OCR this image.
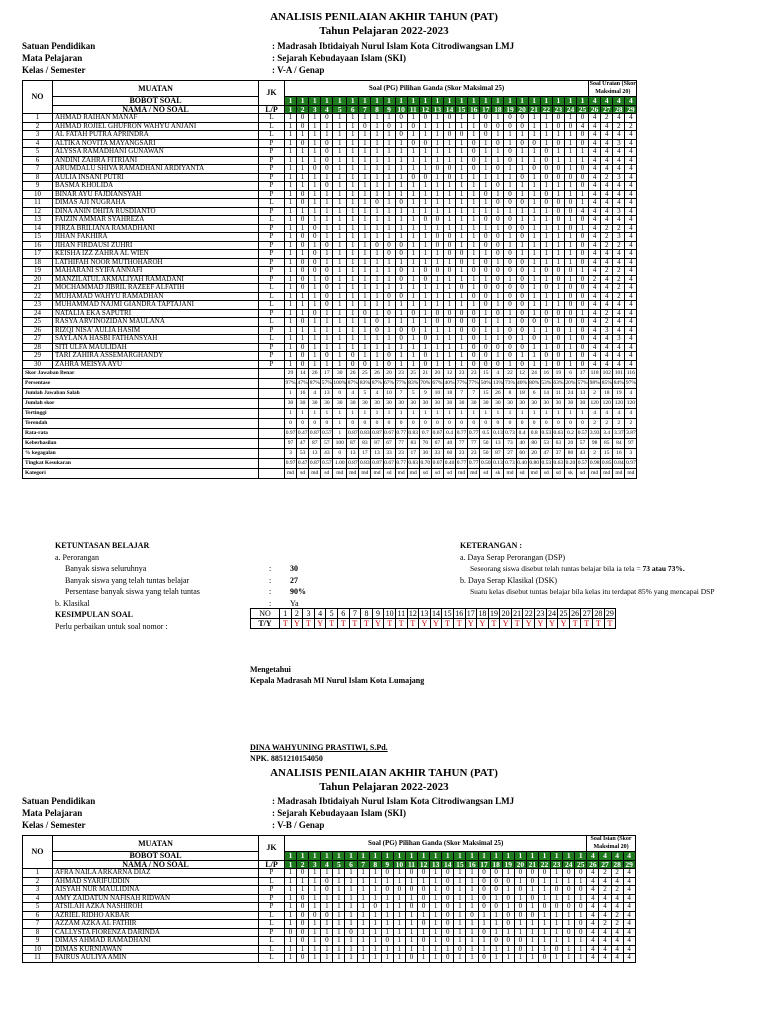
ANALISIS PENILAIAN AKHIR TAHUN (PAT)
Tahun Pelajaran 2022-2023
Satuan Pendidikan	: Madrasah Ibtidaiyah Nurul Islam Kota Citrodiwangsan LMJ
Mata Pelajaran	: Sejarah Kebudayaan Islam (SKI)
Kelas / Semester	: V-A / Genap
NO	MUATAN	JK	Soal (PG) Pilihan Ganda (Skor Maksimal 25)																									Soal Uraian (Skor Maksimal 20)			
	BOBOT SOAL		1	1	1	1	1	1	1	1	1	1	1	1	1	1	1	1	1	1	1	1	1	1	1	1	1	4	4	4	4
	NAMA / NO SOAL	L/P	1	2	3	4	5	6	7	8	9	10	11	12	13	14	15	16	17	18	19	20	21	22	23	24	25	26	27	28	29
1	AHMAD RAIHAN MANAF	L	1	0	1	0	1	1	1	1	1	0	1	0	1	0	1	1	0	1	0	0	1	1	0	1	0	4	2	4	4
2	AHMAD ROJIEL GHUFRON WAHYU ANJANI	L	1	0	1	1	1	1	0	1	0	1	0	1	1	1	1	1	0	0	0	0	1	1	0	0	4	4	4	2	2
3	AL FATAH PUTRA APRINDRA	L	1	1	1	1	1	1	1	1	1	0	1	1	1	0	0	1	0	1	1	1	1	1	1	1	0	4	4	4	4
4	ALTIKA NOVITA MAYANGSARI	P	1	0	1	0	1	1	1	1	1	1	0	0	1	1	1	0	1	0	1	0	0	1	0	1	0	4	4	3	4
5	ALYSSA RAMADHANI GUNAWAN	P	1	1	1	0	1	1	1	1	1	1	1	1	1	1	1	0	1	1	0	1	1	0	1	1	1	4	4	4	4
6	ANDINI ZAHRA FITRIANI	P	1	1	1	0	1	1	1	1	1	1	1	1	1	1	1	0	1	1	0	1	1	0	1	1	1	4	4	4	4
7	ARUMDALU SHIVA RAMADHANI ARDIYANTA	P	1	1	0	0	1	1	1	1	1	1	1	1	0	0	1	0	1	0	1	1	0	0	0	1	0	4	4	4	4
8	AULIA INSANI PUTRI	P	1	1	1	1	1	1	1	1	1	1	0	0	1	0	1	1	1	1	1	0	1	0	0	0	0	4	2	3	4
9	BASMA KHOLIDA	P	1	1	1	0	1	1	1	1	1	1	1	1	1	1	1	1	1	0	1	1	1	1	1	1	0	4	4	4	4
10	BINAR AYU FAJDIANSYAH	P	1	0	1	1	1	1	1	1	1	1	1	1	1	1	1	1	0	1	0	1	1	0	1	1	1	4	4	4	4
11	DIMAS AJI NUGRAHA	L	1	0	1	1	1	1	1	0	1	0	1	1	1	1	1	1	1	0	0	0	1	0	0	0	1	4	4	4	4
12	DINA ANIN DHITA RUSDIANTO	P	1	1	1	1	1	1	1	1	1	1	1	1	1	1	1	1	1	1	1	1	1	1	0	0	4	4	4	3	4
13	FAIZIN AMMAR SYAHREZA	L	1	0	1	1	1	1	1	1	1	1	1	0	0	1	1	1	0	0	0	1	1	1	0	1	0	4	4	4	4
14	FIRZA BRILIANA RAMADHANI	P	1	1	0	1	1	1	1	1	1	1	1	1	1	1	1	1	1	1	0	0	1	1	1	0	1	4	2	2	4
15	JIHAN FAKHIRA	P	1	0	0	1	1	1	1	1	1	1	1	1	0	0	1	1	0	0	1	0	1	1	1	1	0	4	2	3	4
16	JIHAN FIRDAUSI ZUHRI	P	1	0	1	0	1	1	1	0	0	0	1	1	0	0	1	1	0	0	1	1	1	1	1	1	0	4	2	2	4
17	KEISHA IZZ ZAHRA AL WIEN	P	1	1	0	1	1	1	1	1	0	0	1	1	1	0	0	1	1	0	0	1	1	1	1	1	0	4	4	4	4
18	LATHIFAH NOOR MUTHOHAROH	P	1	0	0	1	1	1	1	1	1	1	1	1	1	1	0	1	0	1	0	0	1	1	1	1	0	4	4	4	4
19	MAHARANI SYIFA ANNAFI	P	1	0	0	0	1	1	1	1	1	0	1	0	0	0	1	0	0	0	0	0	1	0	0	0	1	4	2	2	4
20	MANZILATUL AKMALIYAH RAMADANI	P	1	0	1	0	1	1	1	1	1	0	1	0	1	1	1	1	1	0	1	0	1	1	0	1	0	2	4	2	4
21	MOCHAMMAD JIBRIL RAZEEF ALFATIH	L	1	0	1	0	1	1	1	1	1	1	1	1	1	1	0	1	0	0	0	0	1	0	1	0	0	4	4	2	4
22	MUHAMAD WAHYU RAMADHAN	L	1	1	1	0	1	1	1	1	0	0	1	1	1	1	1	0	0	1	0	0	1	1	1	0	0	4	4	2	4
23	MUHAMMAD NAJMI GIANDRA TAPTAJANI	L	1	1	1	0	1	1	1	1	1	1	1	1	1	1	1	1	0	1	0	0	1	1	1	0	0	4	4	4	4
24	NATALIA EKA SAPUTRI	P	1	1	0	1	1	1	0	1	0	1	0	1	0	0	0	0	1	0	1	0	1	0	0	0	1	4	2	4	4
25	RASYA ARVINOZIDAN MAULANA	L	1	0	1	1	1	1	1	0	1	1	1	1	0	0	0	0	1	1	1	0	0	0	1	0	0	4	2	4	4
26	RIZQI NISA' AULIA HASIM	P	1	1	1	1	1	1	1	0	1	0	0	1	1	1	0	0	1	1	0	0	1	1	0	1	0	4	3	4	4
27	SAYLANA HASBI FATHANSYAH	L	1	1	1	1	1	1	1	1	1	0	1	0	1	1	1	0	1	1	0	1	0	1	0	1	0	4	4	3	4
28	SITI ULFA MAULIDAH	P	1	0	1	1	1	1	1	1	1	1	1	1	1	1	1	0	0	0	0	0	1	1	0	1	0	4	4	4	4
29	TARI ZAHIRA ASSEMARGHANDY	P	1	0	1	0	1	0	1	1	0	1	1	0	1	1	1	0	0	1	0	1	1	0	0	1	0	4	4	4	4
30	ZAHRA MEISYA AYU	P	1	0	1	1	1	0	0	1	0	1	1	0	1	1	1	0	0	0	1	0	1	1	0	1	0	4	4	4	4
Skor Jawaban Benar			29	14	26	17	30	26	25	26	20	23	25	21	20	12	23	23	15	4	22	12	24	16	19	6	17	118	102	101	116
Persentase			97%	47%	87%	57%	100%	87%	83%	87%	67%	77%	83%	70%	67%	40%	77%	77%	50%	13%	73%	40%	80%	53%	63%	20%	57%	98%	85%	84%	97%
Jumlah Jawaban Salah			1	16	4	13	0	4	5	4	10	7	5	9	10	18	7	7	15	26	8	18	6	14	11	24	13	2	18	19	4
Jumlah skor			30	30	30	30	30	30	30	30	30	30	30	30	30	30	30	30	30	30	30	30	30	30	30	30	30	120	120	120	120
Tertinggi			1	1	1	1	1	1	1	1	1	1	1	1	1	1	1	1	1	1	1	1	1	1	1	1	1	4	4	4	4
Terendah			0	0	0	0	1	0	0	0	0	0	0	0	0	0	0	0	0	0	0	0	0	0	0	0	0	2	2	2	2
Rata-rata			0.97	0.47	0.87	0.57	1	0.87	0.83	0.87	0.67	0.77	0.83	0.7	0.67	0.4	0.77	0.77	0.5	0.13	0.73	0.4	0.8	0.53	0.63	0.2	0.57	3.93	3.4	3.37	3.87
Keberhasilan			97	47	87	57	100	87	83	87	67	77	83	70	67	40	77	77	50	13	73	40	80	53	63	20	57	98	85	84	97
% kegagalan			3	53	13	43	0	13	17	13	33	23	17	30	33	60	23	23	50	87	27	60	20	47	37	80	43	2	15	16	3
Tingkat Kesukaran			0.97	0.47	0.87	0.57	1.00	0.87	0.83	0.87	0.67	0.77	0.83	0.70	0.67	0.40	0.77	0.77	0.50	0.13	0.73	0.40	0.80	0.53	0.63	0.20	0.57	0.98	0.85	0.84	0.97
Kategori			md	sd	md	sd	md	md	md	md	sd	md	md	sd	sd	sd	md	md	sd	sk	md	sd	md	sd	sd	sk	sd	md	md	md	md
KETUNTASAN BELAJAR
a. Perorangan
Banyak siswa seluruhnya	:	30
Banyak siswa yang telah tuntas belajar	:	27
Persentase banyak siswa yang telah tuntas	:	90%
b. Klasikal	:	Ya
KESIMPULAN SOAL
Perlu perbaikan untuk soal nomor :
KETERANGAN :
a. Daya Serap Perorangan (DSP)
Seseorang siswa disebut telah tuntas belajar bila ia tela = 73 atau 73%.
b. Daya Serap Klasikal (DSK)
Suatu kelas disebut tuntas belajar bila kelas itu terdapat 85% yang mencapai DSP
NO	1	2	3	4	5	6	7	8	9	10	11	12	13	14	15	16	17	18	19	20	21	22	23	24	25	26	27	28	29
T/Y	T	Y	T	Y	T	T	T	T	Y	T	T	T	Y	Y	T	T	Y	Y	T	Y	T	Y	Y	Y	Y	T	T	T	T
Mengetahui
Kepala Madrasah MI Nurul Islam Kota Lumajang
DINA WAHYUNING PRASTIWI, S.Pd.
NPK. 8851210154050
ANALISIS PENILAIAN AKHIR TAHUN (PAT)
Tahun Pelajaran 2022-2023
Satuan Pendidikan	: Madrasah Ibtidaiyah Nurul Islam Kota Citrodiwangsan LMJ
Mata Pelajaran	: Sejarah Kebudayaan Islam (SKI)
Kelas / Semester	: V-B / Genap
NO	MUATAN	JK	Soal (PG) Pilihan Ganda (Skor Maksimal 25)																									Soal Isian (Skor Maksimal 20)			
	BOBOT SOAL		1	1	1	1	1	1	1	1	1	1	1	1	1	1	1	1	1	1	1	1	1	1	1	1	1	4	4	4	4
	NAMA / NO SOAL	L/P	1	2	3	4	5	6	7	8	9	10	11	12	13	14	15	16	17	18	19	20	21	22	23	24	25	26	27	28	29
1	AFRA NAILA ARKARNA DIAZ	P	1	0	1	1	1	1	1	1	0	1	0	0	1	0	1	1	0	0	1	0	0	0	1	0	0	4	2	2	4
2	AHMAD SYARIFUDDIN	L	1	1	1	0	1	1	1	1	1	1	1	1	1	0	1	1	0	0	0	1	0	1	1	1	1	4	4	4	4
3	AISYAH NUR MAULIDINA	P	1	1	1	0	1	1	1	1	0	0	0	0	1	0	1	1	0	0	1	0	1	1	0	0	0	4	2	2	4
4	AMY ZAIDATUN NAFISAH RIDWAN	P	1	0	1	1	1	1	1	1	1	1	1	0	1	0	1	1	0	1	0	1	0	1	1	1	1	4	4	4	4
5	ATSILAH AZKA NASHIROH	P	1	0	1	1	1	1	1	0	1	1	0	0	1	0	1	1	0	0	1	0	1	0	0	0	0	4	4	4	4
6	AZRIEL RIDHO AKBAR	L	1	0	0	0	1	1	1	1	1	1	1	1	1	0	1	0	1	1	0	0	0	1	1	1	1	4	4	2	4
7	AZZAM AZKA AL FATHIR	L	1	0	1	1	1	1	1	1	1	1	1	0	1	0	1	1	1	1	0	1	1	1	1	1	0	4	2	2	4
8	CALLYSTA FIORENZA DARINDA	P	0	0	1	1	1	0	1	1	1	1	1	1	1	0	1	1	0	1	1	1	1	1	1	0	0	4	4	4	4
9	DIMAS AHMAD RAMADHANI	L	1	0	1	0	1	1	1	1	0	1	1	0	1	0	1	1	1	0	0	0	1	1	1	1	1	4	4	4	4
10	DIMAS KURNIAWAN	L	1	1	1	1	1	1	1	1	1	1	1	1	1	1	0	1	1	1	1	0	1	1	0	1	1	4	4	4	4
11	FAIRUS AULIYA AMIN	L	1	0	1	1	1	1	1	1	1	1	0	1	1	0	1	1	0	1	1	1	1	0	1	1	1	4	4	4	4
